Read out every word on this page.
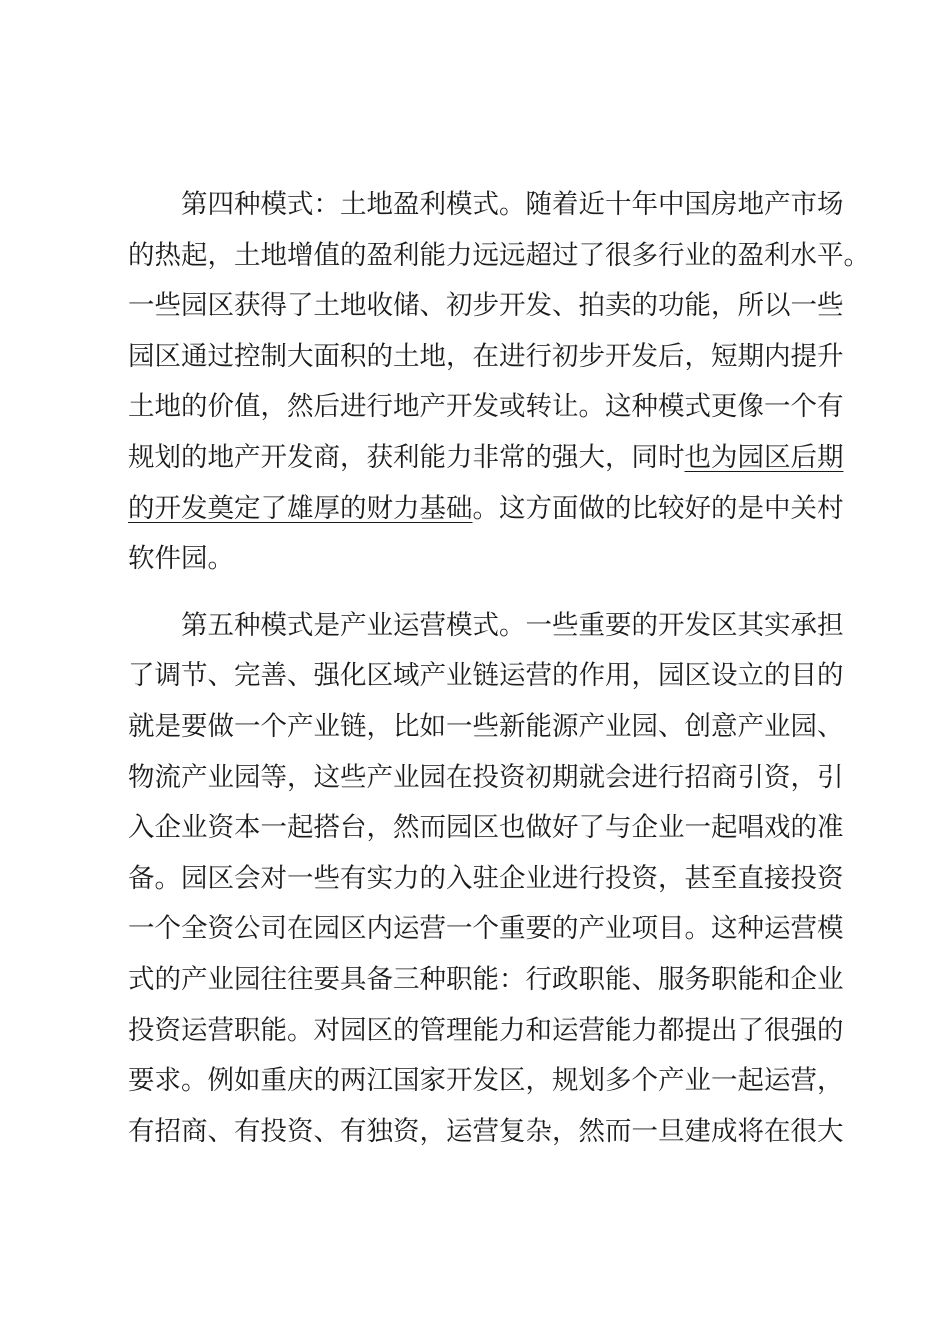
第四种模式：土地盈利模式。随着近十年中国房地产市场
的热起，土地增值的盈利能力远远超过了很多行业的盈利水平。
一些园区获得了土地收储、初步开发、拍卖的功能，所以一些
园区通过控制大面积的土地，在进行初步开发后，短期内提升
土地的价值，然后进行地产开发或转让。这种模式更像一个有
规划的地产开发商，获利能力非常的强大，同时也为园区后期
的开发奠定了雄厚的财力基础。这方面做的比较好的是中关村
软件园。

第五种模式是产业运营模式。一些重要的开发区其实承担
了调节、完善、强化区域产业链运营的作用，园区设立的目的
就是要做一个产业链，比如一些新能源产业园、创意产业园、
物流产业园等，这些产业园在投资初期就会进行招商引资，引
入企业资本一起搭台，然而园区也做好了与企业一起唱戏的准
备。园区会对一些有实力的入驻企业进行投资，甚至直接投资
一个全资公司在园区内运营一个重要的产业项目。这种运营模
式的产业园往往要具备三种职能：行政职能、服务职能和企业
投资运营职能。对园区的管理能力和运营能力都提出了很强的
要求。例如重庆的两江国家开发区，规划多个产业一起运营，
有招商、有投资、有独资，运营复杂，然而一旦建成将在很大
